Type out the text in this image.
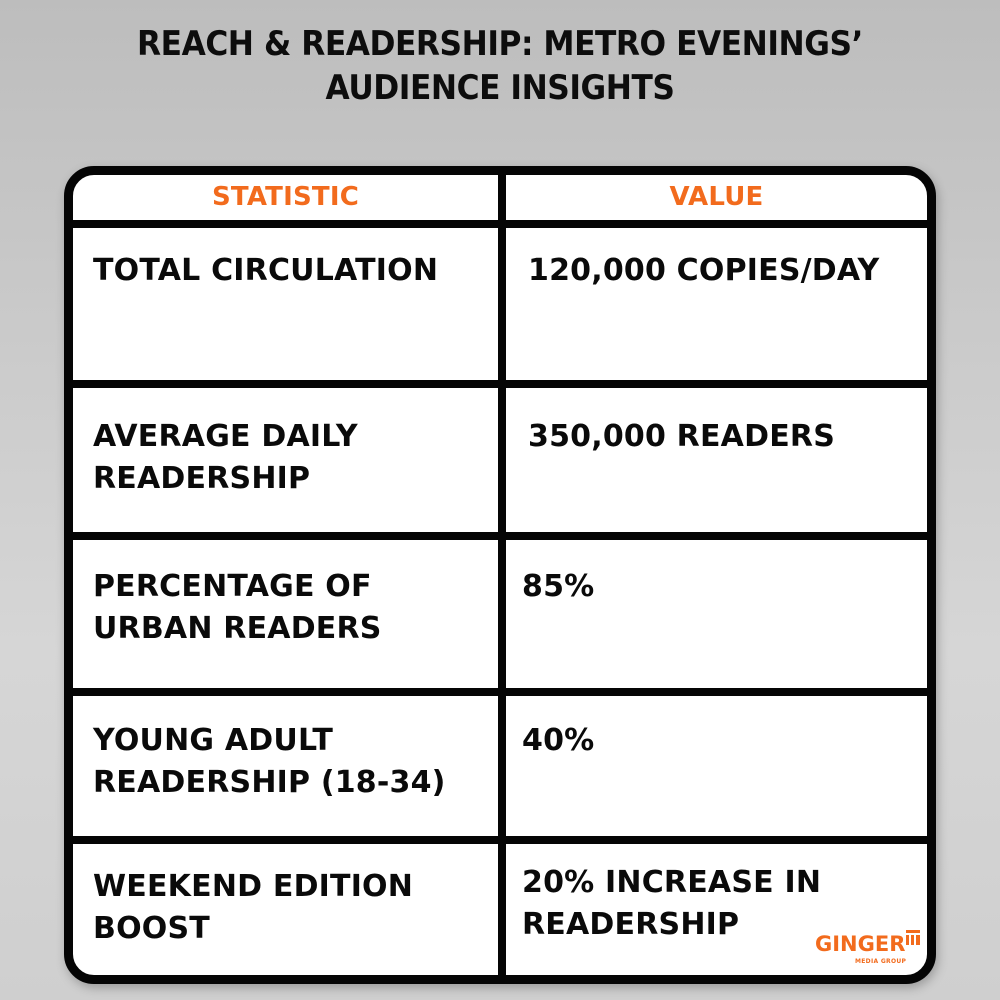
REACH & READERSHIP: METRO EVENINGS’
AUDIENCE INSIGHTS
STATISTIC	VALUE
TOTAL CIRCULATION	120,000 COPIES/DAY
AVERAGE DAILY
READERSHIP
350,000 READERS
PERCENTAGE OF
URBAN READERS
85%
YOUNG ADULT
READERSHIP (18-34)
40%
WEEKEND EDITION
BOOST
20% INCREASE IN
READERSHIP
GINGER
MEDIA GROUP
